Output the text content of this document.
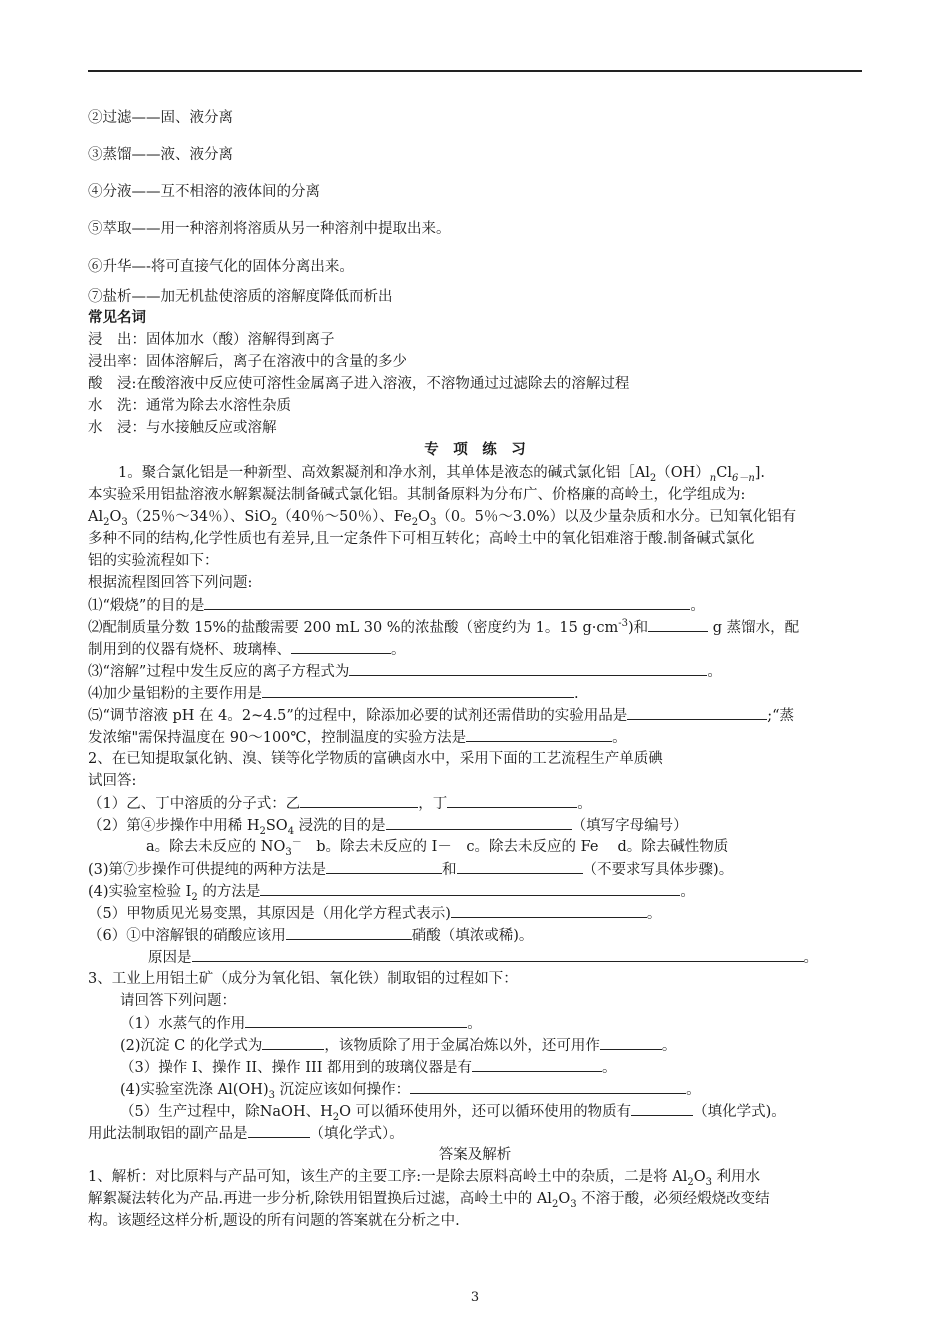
②过滤——固、液分离
③蒸馏——液、液分离
④分液——互不相溶的液体间的分离
⑤萃取——用一种溶剂将溶质从另一种溶剂中提取出来。
⑥升华—-将可直接气化的固体分离出来。
⑦盐析——加无机盐使溶质的溶解度降低而析出
常见名词
浸　出：固体加水（酸）溶解得到离子
浸出率：固体溶解后，离子在溶液中的含量的多少
酸　浸:在酸溶液中反应使可溶性金属离子进入溶液，不溶物通过过滤除去的溶解过程
水　洗：通常为除去水溶性杂质
水　浸：与水接触反应或溶解
专　项　练　习
1。聚合氯化铝是一种新型、高效絮凝剂和净水剂，其单体是液态的碱式氯化铝$[Al_2(OH)_nCl_{6-n}$].
本实验采用铝盐溶液水解絮凝法制备碱式氯化铝。其制备原料为分布广、价格廉的高岭土，化学组成为:
$Al_2O_3(25$％～34％）、SiO$_2$（40％～50％）、$Fe_2O_3(0$。5％～3.0%）以及少量杂质和水分。已知氧化铝有
多种不同的结构,化学性质也有差异,且一定条件下可相互转化；高岭土中的氧化铝难溶于酸.制备碱式氯化
铝的实验流程如下：
根据流程图回答下列问题:
⑴“煅烧”的目的是	。
⑵配制质量分数 15%的盐酸需要 200 mL 30 %的浓盐酸（密度约为 1。15 $g\cdot cm^{-3}$)和	g 蒸馏水，配
制用到的仪器有烧杯、玻璃棒、	。
⑶“溶解”过程中发生反应的离子方程式为	。
⑷加少量铝粉的主要作用是	.
⑸“调节溶液 pH 在 4。2~4.5”的过程中，除添加必要的试剂还需借助的实验用品是	;“蒸
发浓缩"需保持温度在 90～100℃，控制温度的实验方法是	。
2、在已知提取氯化钠、溴、镁等化学物质的富碘卤水中，采用下面的工艺流程生产单质碘
试回答:
（1）乙、丁中溶质的分子式：乙	，丁	。
（2）第④步操作中用稀 $H_2SO_4$ 浸洗的目的是	（填写字母编号）
a。除去未反应的 $NO_3^-$　b。除去未反应的 I－　c。除去未反应的 Fe　 d。除去碱性物质
(3)第⑦步操作可供提纯的两种方法是	和	（不要求写具体步骤)。
(4)实验室检验 $I_2$ 的方法是	。
（5）甲物质见光易变黑，其原因是（用化学方程式表示)	。
（6）①中溶解银的硝酸应该用	硝酸（填浓或稀)。
原因是	。
3、工业上用铝土矿（成分为氧化铝、氧化铁）制取铝的过程如下：
请回答下列问题：
（1）水蒸气的作用	。
(2)沉淀 C 的化学式为	，该物质除了用于金属冶炼以外，还可用作	。
（3）操作 I、操作 II、操作 III 都用到的玻璃仪器是有	。
(4)实验室洗涤 $Al(OH)_3$ 沉淀应该如何操作：	。
（5）生产过程中，除NaOH、$H_2O$ 可以循环使用外，还可以循环使用的物质有	（填化学式)。
用此法制取铝的副产品是	（填化学式）。
答案及解析
1、解析：对比原料与产品可知，该生产的主要工序:一是除去原料高岭土中的杂质，二是将 $Al_2O_3$ 利用水
解絮凝法转化为产品.再进一步分析,除铁用铝置换后过滤，高岭土中的 $Al_2O_3$ 不溶于酸，必须经煅烧改变结
构。该题经这样分析,题设的所有问题的答案就在分析之中.
3
